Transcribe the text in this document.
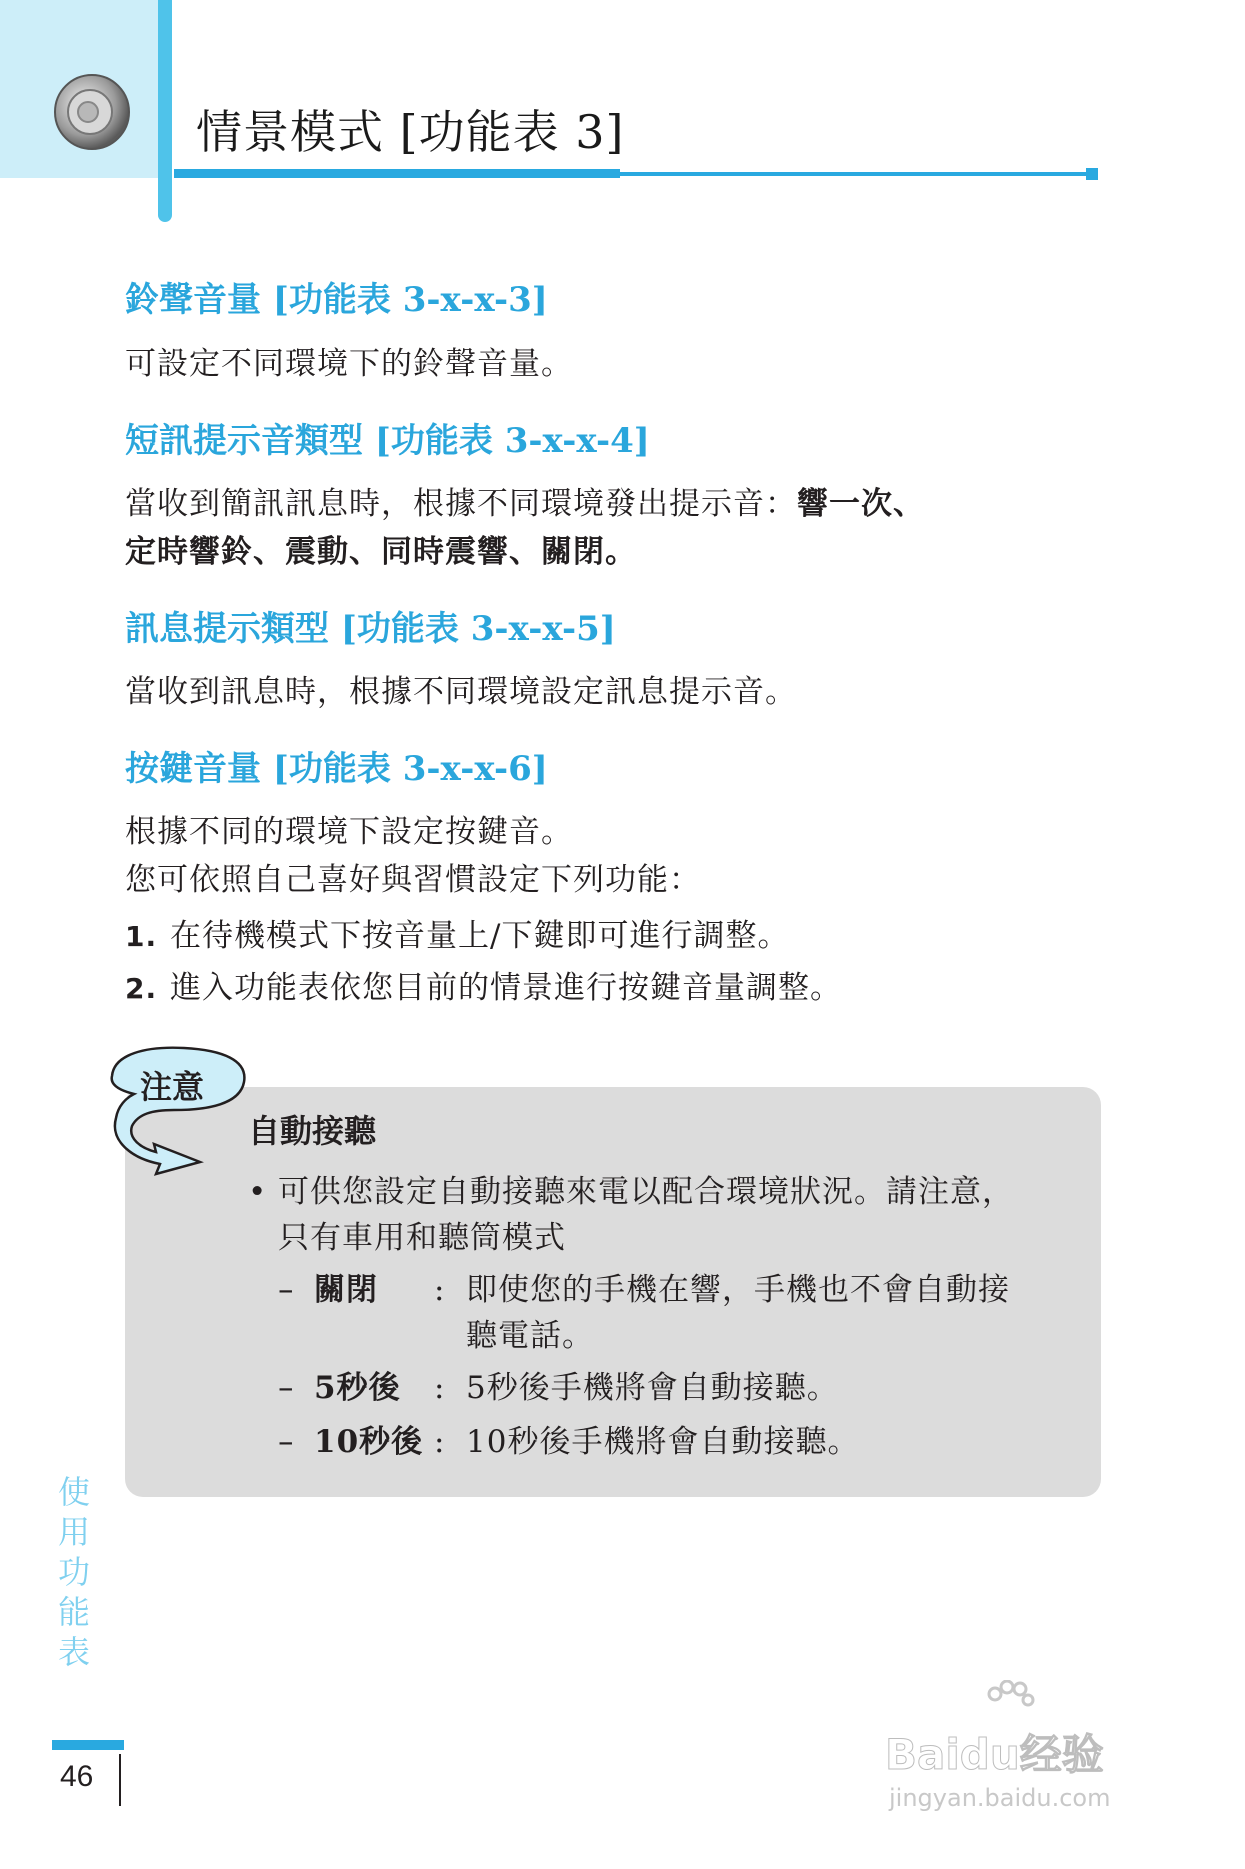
情景模式 [功能表 3]
鈴聲音量 [功能表 3-x-x-3]
可設定不同環境下的鈴聲音量。
短訊提示音類型 [功能表 3-x-x-4]
當收到簡訊訊息時，根據不同環境發出提示音：響一次、
定時響鈴、震動、同時震響、關閉。
訊息提示類型 [功能表 3-x-x-5]
當收到訊息時，根據不同環境設定訊息提示音。
按鍵音量 [功能表 3-x-x-6]
根據不同的環境下設定按鍵音。
您可依照自己喜好與習慣設定下列功能：
1. 在待機模式下按音量上/下鍵即可進行調整。
2. 進入功能表依您目前的情景進行按鍵音量調整。
注意
自動接聽
• 可供您設定自動接聽來電以配合環境狀況。請注意，
只有車用和聽筒模式
– 關閉 : 即使您的手機在響，手機也不會自動接
聽電話。
– 5秒後 : 5秒後手機將會自動接聽。
– 10秒後 : 10秒後手機將會自動接聽。
使用功能表
46	Baidu经验
jingyan.baidu.com
